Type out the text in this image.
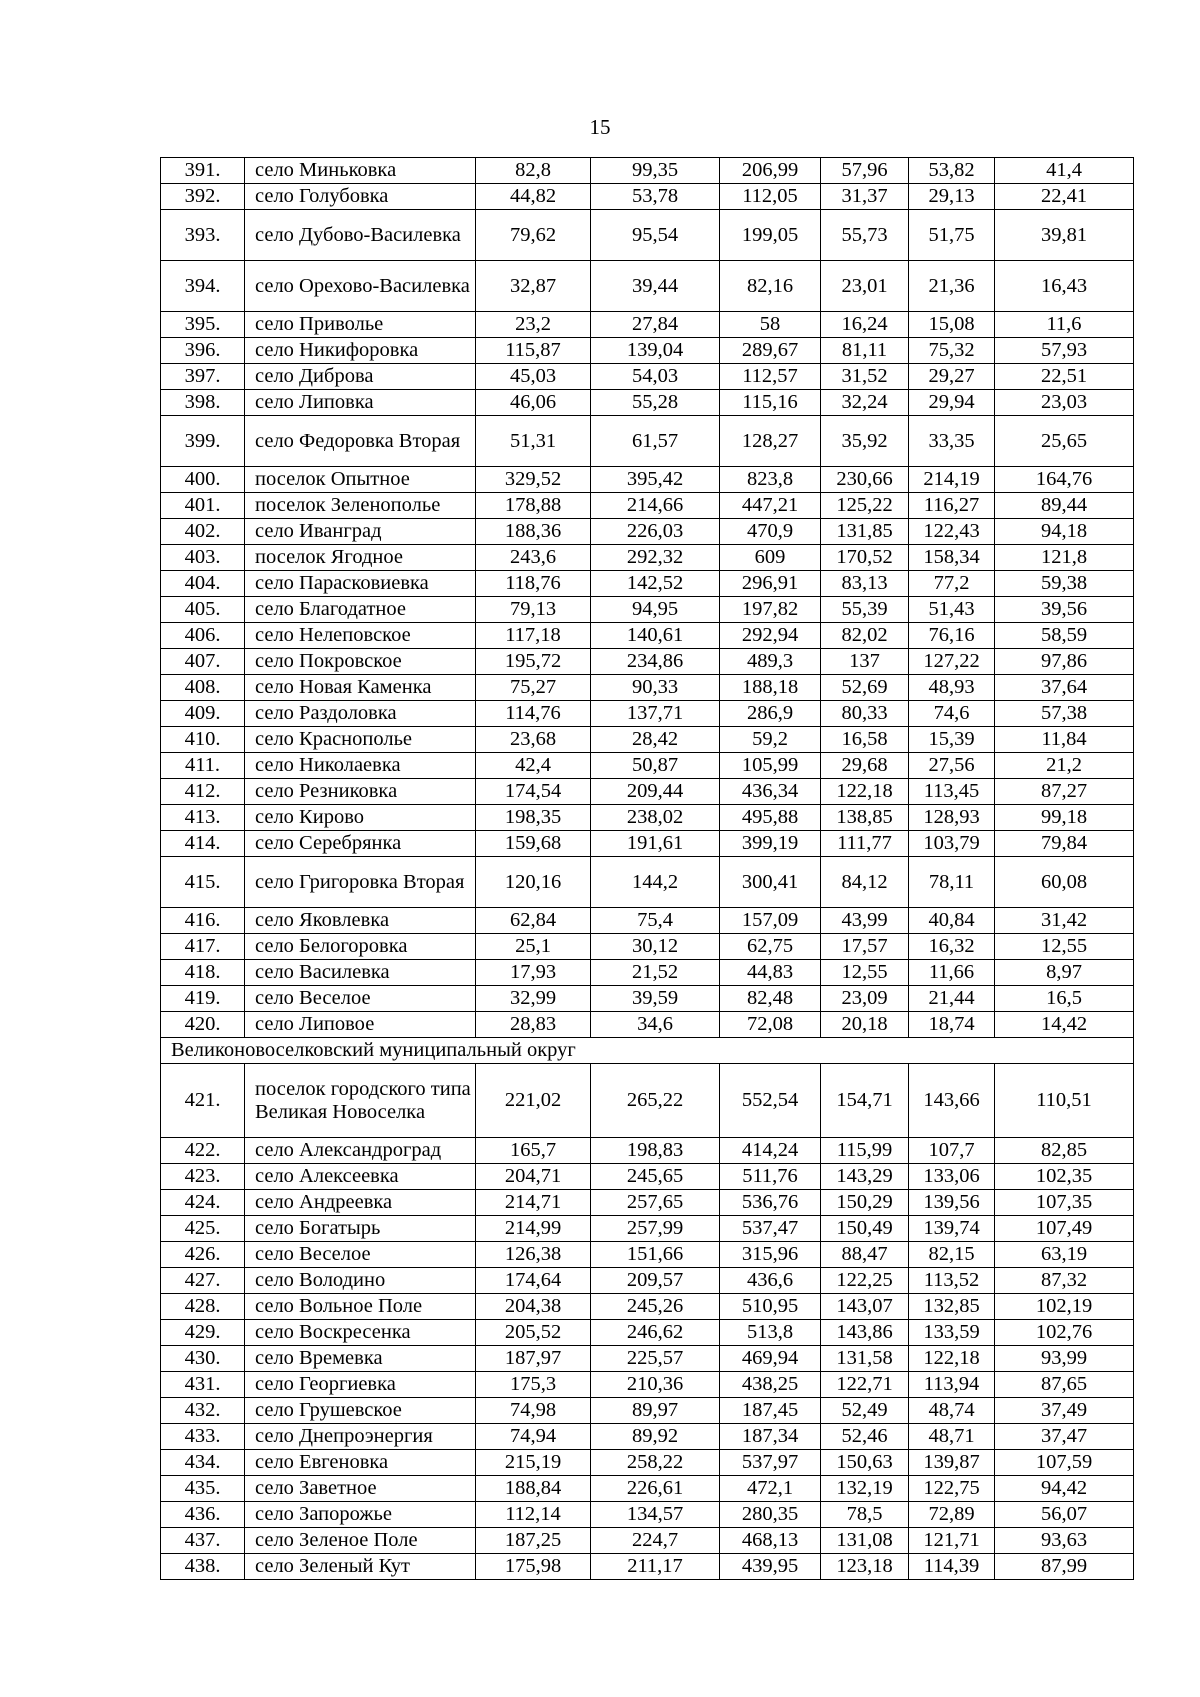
15
391.	село Миньковка	82,8	99,35	206,99	57,96	53,82	41,4
392.	село Голубовка	44,82	53,78	112,05	31,37	29,13	22,41
393.	село Дубово-Василевка	79,62	95,54	199,05	55,73	51,75	39,81
394.	село Орехово-Василевка	32,87	39,44	82,16	23,01	21,36	16,43
395.	село Приволье	23,2	27,84	58	16,24	15,08	11,6
396.	село Никифоровка	115,87	139,04	289,67	81,11	75,32	57,93
397.	село Диброва	45,03	54,03	112,57	31,52	29,27	22,51
398.	село Липовка	46,06	55,28	115,16	32,24	29,94	23,03
399.	село Федоровка Вторая	51,31	61,57	128,27	35,92	33,35	25,65
400.	поселок Опытное	329,52	395,42	823,8	230,66	214,19	164,76
401.	поселок Зеленополье	178,88	214,66	447,21	125,22	116,27	89,44
402.	село Иванград	188,36	226,03	470,9	131,85	122,43	94,18
403.	поселок Ягодное	243,6	292,32	609	170,52	158,34	121,8
404.	село Парасковиевка	118,76	142,52	296,91	83,13	77,2	59,38
405.	село Благодатное	79,13	94,95	197,82	55,39	51,43	39,56
406.	село Нелеповское	117,18	140,61	292,94	82,02	76,16	58,59
407.	село Покровское	195,72	234,86	489,3	137	127,22	97,86
408.	село Новая Каменка	75,27	90,33	188,18	52,69	48,93	37,64
409.	село Раздоловка	114,76	137,71	286,9	80,33	74,6	57,38
410.	село Краснополье	23,68	28,42	59,2	16,58	15,39	11,84
411.	село Николаевка	42,4	50,87	105,99	29,68	27,56	21,2
412.	село Резниковка	174,54	209,44	436,34	122,18	113,45	87,27
413.	село Кирово	198,35	238,02	495,88	138,85	128,93	99,18
414.	село Серебрянка	159,68	191,61	399,19	111,77	103,79	79,84
415.	село Григоровка Вторая	120,16	144,2	300,41	84,12	78,11	60,08
416.	село Яковлевка	62,84	75,4	157,09	43,99	40,84	31,42
417.	село Белогоровка	25,1	30,12	62,75	17,57	16,32	12,55
418.	село Василевка	17,93	21,52	44,83	12,55	11,66	8,97
419.	село Веселое	32,99	39,59	82,48	23,09	21,44	16,5
420.	село Липовое	28,83	34,6	72,08	20,18	18,74	14,42
Великоновоселковский муниципальный округ							
421.	поселок городского типа Великая Новоселка	221,02	265,22	552,54	154,71	143,66	110,51
422.	село Александроград	165,7	198,83	414,24	115,99	107,7	82,85
423.	село Алексеевка	204,71	245,65	511,76	143,29	133,06	102,35
424.	село Андреевка	214,71	257,65	536,76	150,29	139,56	107,35
425.	село Богатырь	214,99	257,99	537,47	150,49	139,74	107,49
426.	село Веселое	126,38	151,66	315,96	88,47	82,15	63,19
427.	село Володино	174,64	209,57	436,6	122,25	113,52	87,32
428.	село Вольное Поле	204,38	245,26	510,95	143,07	132,85	102,19
429.	село Воскресенка	205,52	246,62	513,8	143,86	133,59	102,76
430.	село Времевка	187,97	225,57	469,94	131,58	122,18	93,99
431.	село Георгиевка	175,3	210,36	438,25	122,71	113,94	87,65
432.	село Грушевское	74,98	89,97	187,45	52,49	48,74	37,49
433.	село Днепроэнергия	74,94	89,92	187,34	52,46	48,71	37,47
434.	село Евгеновка	215,19	258,22	537,97	150,63	139,87	107,59
435.	село Заветное	188,84	226,61	472,1	132,19	122,75	94,42
436.	село Запорожье	112,14	134,57	280,35	78,5	72,89	56,07
437.	село Зеленое Поле	187,25	224,7	468,13	131,08	121,71	93,63
438.	село Зеленый Кут	175,98	211,17	439,95	123,18	114,39	87,99
